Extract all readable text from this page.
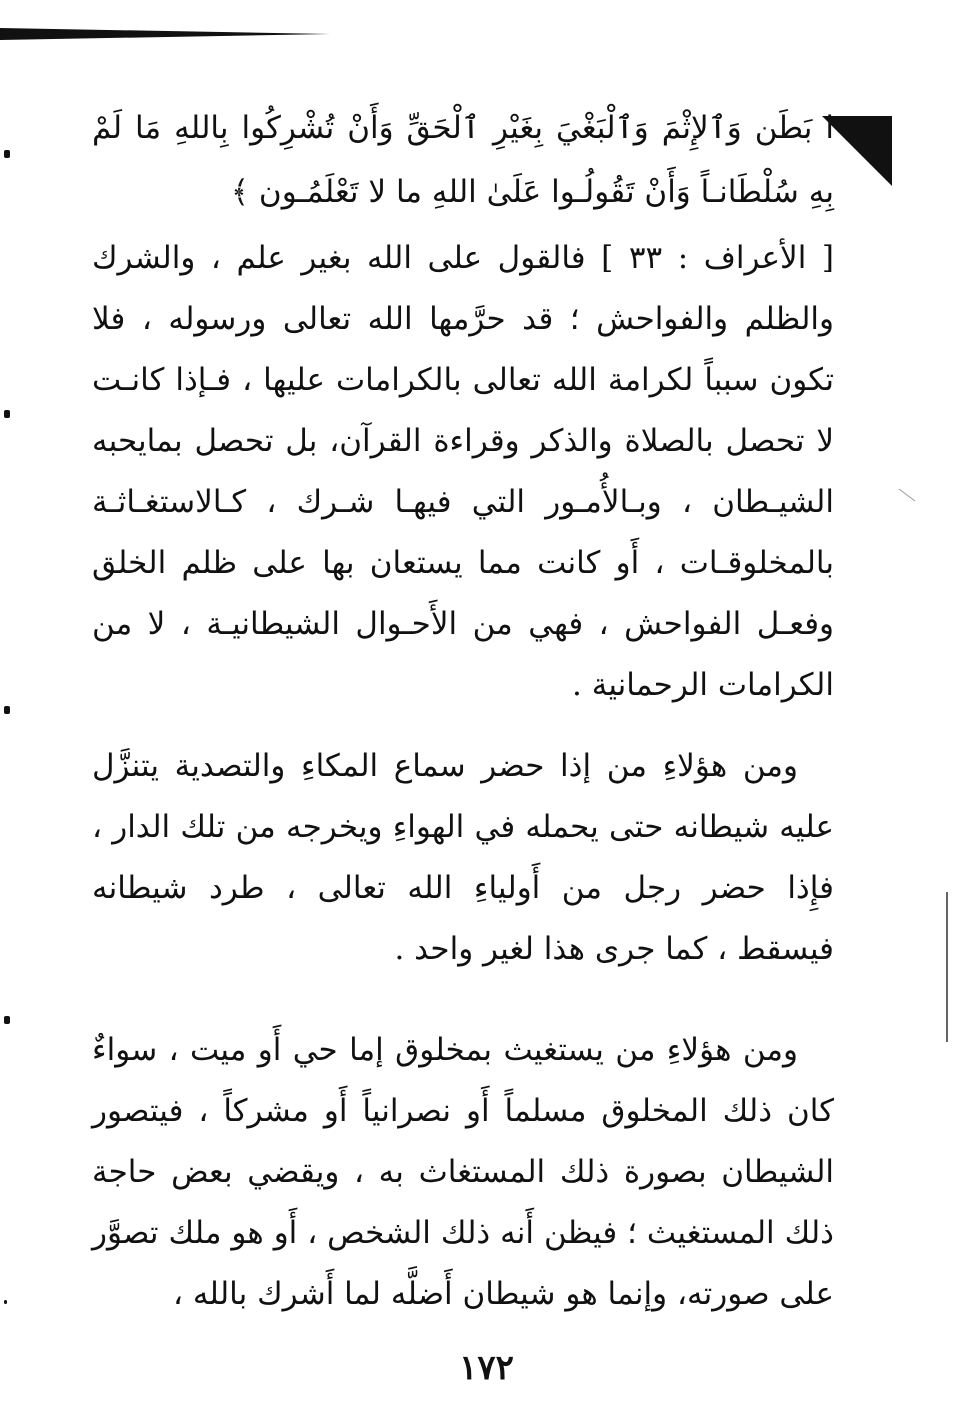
ا بَطَن وَٱلإِثْمَ وَٱلْبَغْيَ بِغَيْرِ ٱلْحَقِّ وَأَنْ تُشْرِكُوا بِاللهِ مَا لَمْ بِهِ سُلْطَانـاً وَأَنْ تَقُولُـوا عَلَىٰ اللهِ ما لا تَعْلَمُـون ﴾

[ الأعراف : ٣٣ ] فالقول على الله بغير علم ، والشرك والظلم والفواحش ؛ قد حرَّمها الله تعالى ورسوله ، فلا تكون سبباً لكرامة الله تعالى بالكرامات عليها ، فـإذا كانـت لا تحصل بالصلاة والذكر وقراءة القرآن، بل تحصل بمايحبه الشيـطان ، وبـالأُمـور التي فيهـا شـرك ، كـالاستغـاثـة بالمخلوقـات ، أَو كانت مما يستعان بها على ظلم الخلق وفعـل الفواحش ، فهي من الأَحـوال الشيطانيـة ، لا من الكرامات الرحمانية .

ومن هؤلاءِ من إذا حضر سماع المكاءِ والتصدية يتنزَّل عليه شيطانه حتى يحمله في الهواءِ ويخرجه من تلك الدار ، فإِذا حضر رجل من أَولياءِ الله تعالى ، طرد شيطانه فيسقط ، كما جرى هذا لغير واحد .

ومن هؤلاءِ من يستغيث بمخلوق إما حي أَو ميت ، سواءٌ كان ذلك المخلوق مسلماً أَو نصرانياً أَو مشركاً ، فيتصور الشيطان بصورة ذلك المستغاث به ، ويقضي بعض حاجة ذلك المستغيث ؛ فيظن أَنه ذلك الشخص ، أَو هو ملك تصوَّر على صورته، وإنما هو شيطان أَضلَّه لما أَشرك بالله ،

١٧٢
